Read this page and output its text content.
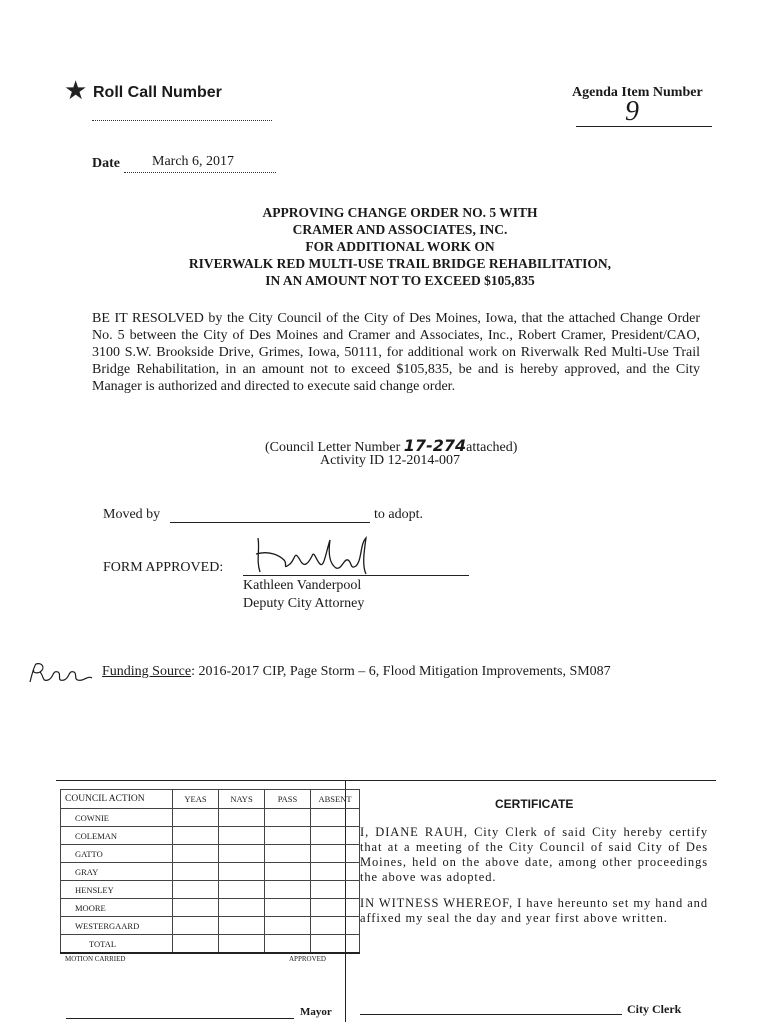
★ Roll Call Number	Agenda Item Number
9
Date March 6, 2017
APPROVING CHANGE ORDER NO. 5 WITH
CRAMER AND ASSOCIATES, INC.
FOR ADDITIONAL WORK ON
RIVERWALK RED MULTI-USE TRAIL BRIDGE REHABILITATION,
IN AN AMOUNT NOT TO EXCEED $105,835
BE IT RESOLVED by the City Council of the City of Des Moines, Iowa, that the attached Change Order No. 5 between the City of Des Moines and Cramer and Associates, Inc., Robert Cramer, President/CAO, 3100 S.W. Brookside Drive, Grimes, Iowa, 50111, for additional work on Riverwalk Red Multi-Use Trail Bridge Rehabilitation, in an amount not to exceed $105,835, be and is hereby approved, and the City Manager is authorized and directed to execute said change order.
(Council Letter Number 17-274attached)
Activity ID 12-2014-007
Moved by	to adopt.
FORM APPROVED:
Kathleen Vanderpool
Deputy City Attorney
Funding Source: 2016-2017 CIP, Page Storm – 6, Flood Mitigation Improvements, SM087
COUNCIL ACTION	YEAS	NAYS	PASS	ABSENT
COWNIE				
COLEMAN				
GATTO				
GRAY				
HENSLEY				
MOORE				
WESTERGAARD				
TOTAL				
MOTION CARRIED	APPROVED
Mayor
CERTIFICATE
I, DIANE RAUH, City Clerk of said City hereby certify that at a meeting of the City Council of said City of Des Moines, held on the above date, among other proceedings the above was adopted.
IN WITNESS WHEREOF, I have hereunto set my hand and affixed my seal the day and year first above written.
City Clerk
